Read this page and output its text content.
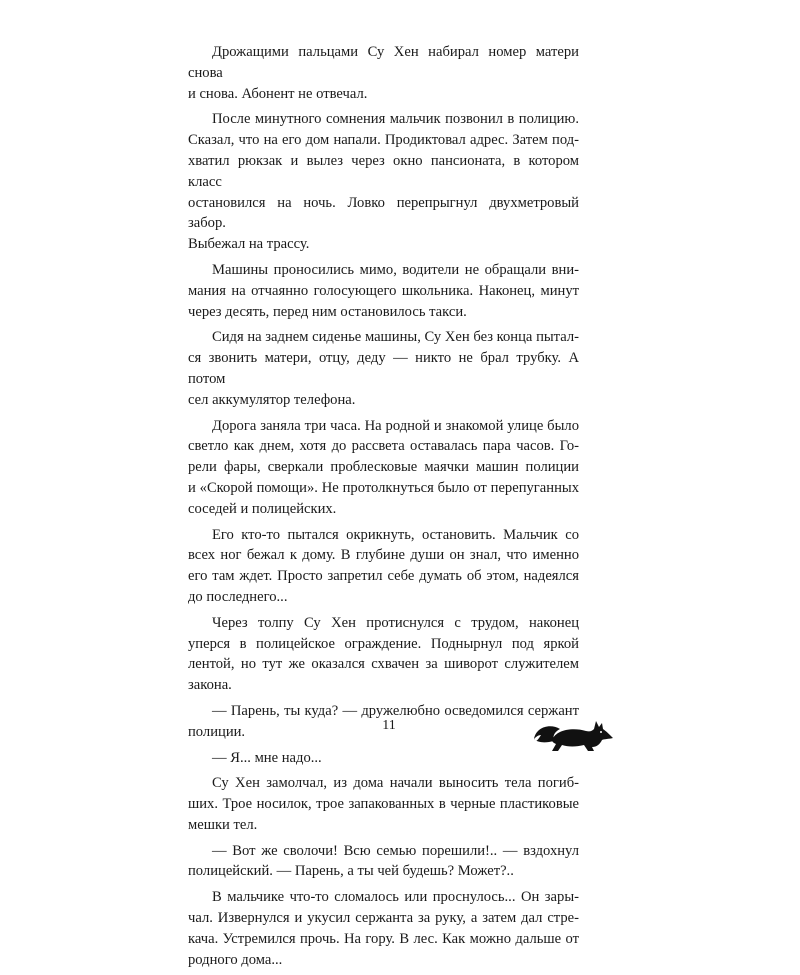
Дрожащими пальцами Су Хен набирал номер матери снова
и снова. Абонент не отвечал.
После минутного сомнения мальчик позвонил в полицию.
Сказал, что на его дом напали. Продиктовал адрес. Затем под-
хватил рюкзак и вылез через окно пансионата, в котором класс
остановился на ночь. Ловко перепрыгнул двухметровый забор.
Выбежал на трассу.
Машины проносились мимо, водители не обращали вни-
мания на отчаянно голосующего школьника. Наконец, минут
через десять, перед ним остановилось такси.
Сидя на заднем сиденье машины, Су Хен без конца пытал-
ся звонить матери, отцу, деду — никто не брал трубку. А потом
сел аккумулятор телефона.
Дорога заняла три часа. На родной и знакомой улице было
светло как днем, хотя до рассвета оставалась пара часов. Го-
рели фары, сверкали проблесковые маячки машин полиции
и «Скорой помощи». Не протолкнуться было от перепуганных
соседей и полицейских.
Его кто-то пытался окрикнуть, остановить. Мальчик со
всех ног бежал к дому. В глубине души он знал, что именно
его там ждет. Просто запретил себе думать об этом, надеялся
до последнего...
Через толпу Су Хен протиснулся с трудом, наконец
уперся в полицейское ограждение. Поднырнул под яркой
лентой, но тут же оказался схвачен за шиворот служителем
закона.
— Парень, ты куда? — дружелюбно осведомился сержант
полиции.
— Я... мне надо...
Су Хен замолчал, из дома начали выносить тела погиб-
ших. Трое носилок, трое запакованных в черные пластиковые
мешки тел.
— Вот же сволочи! Всю семью порешили!.. — вздохнул
полицейский. — Парень, а ты чей будешь? Может?..
В мальчике что-то сломалось или проснулось... Он зары-
чал. Извернулся и укусил сержанта за руку, а затем дал стре-
кача. Устремился прочь. На гору. В лес. Как можно дальше от
родного дома...
11
